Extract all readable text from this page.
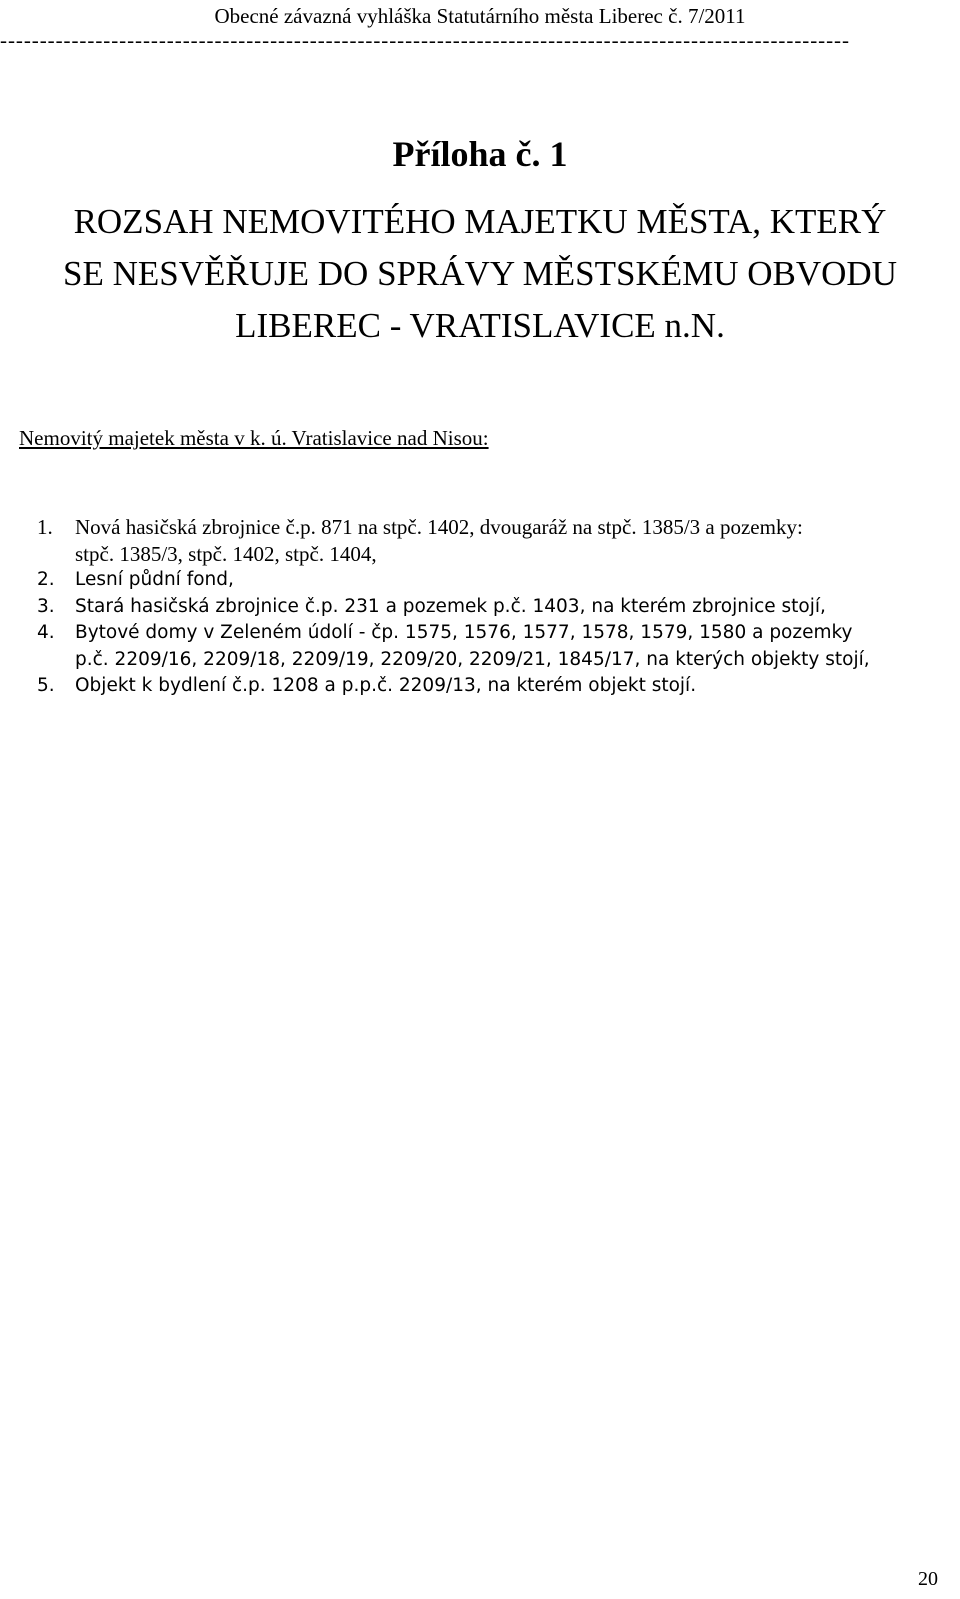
Obecné závazná vyhláška Statutárního města Liberec č. 7/2011
-----------------------------------------------------------------------------------------------------------
Příloha č. 1
ROZSAH NEMOVITÉHO MAJETKU MĚSTA, KTERÝ
SE NESVĚŘUJE DO SPRÁVY MĚSTSKÉMU OBVODU
LIBEREC - VRATISLAVICE n.N.
Nemovitý majetek města v k. ú. Vratislavice nad Nisou:
1. Nová hasičská zbrojnice č.p. 871 na stpč. 1402, dvougaráž na stpč. 1385/3 a pozemky:
stpč. 1385/3, stpč. 1402, stpč. 1404,
2. Lesní půdní fond,
3. Stará hasičská zbrojnice č.p. 231 a pozemek p.č. 1403, na kterém zbrojnice stojí,
4. Bytové domy v Zeleném údolí - čp. 1575, 1576, 1577, 1578, 1579, 1580 a pozemky
p.č. 2209/16, 2209/18, 2209/19, 2209/20, 2209/21, 1845/17, na kterých objekty stojí,
5. Objekt k bydlení č.p. 1208 a p.p.č. 2209/13, na kterém objekt stojí.
20
